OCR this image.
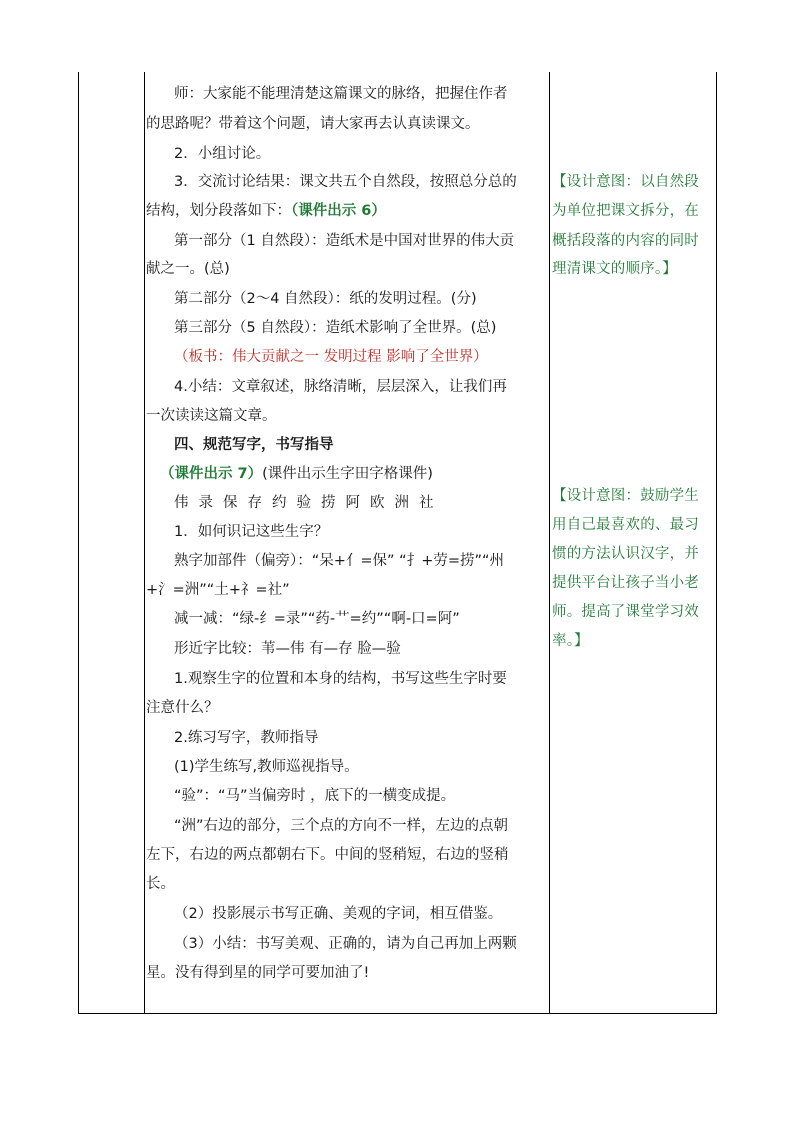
师：大家能不能理清楚这篇课文的脉络，把握住作者
的思路呢？带着这个问题，请大家再去认真读课文。
2．小组讨论。
3．交流讨论结果：课文共五个自然段，按照总分总的
结构，划分段落如下：（课件出示 6）
第一部分（1 自然段）：造纸术是中国对世界的伟大贡
献之一。(总)
第二部分（2～4 自然段）：纸的发明过程。(分)
第三部分（5 自然段）：造纸术影响了全世界。(总)
（板书：伟大贡献之一 发明过程 影响了全世界）
4.小结：文章叙述，脉络清晰，层层深入，让我们再
一次读读这篇文章。
四、规范写字，书写指导
（课件出示 7）(课件出示生字田字格课件)
伟 录 保 存 约 验 捞 阿 欧 洲 社
1．如何识记这些生字？
熟字加部件（偏旁）：“呆+亻=保” “扌+劳=捞”“州
+氵=洲”“土+礻=社”
减一减：“绿-纟=录”“药-艹=约”“啊-口=阿”
形近字比较：苇—伟 有—存 脸—验
1.观察生字的位置和本身的结构，书写这些生字时要
注意什么？
2.练习写字，教师指导
(1)学生练写,教师巡视指导。
“验”：“马”当偏旁时 ，底下的一横变成提。
“洲”右边的部分，三个点的方向不一样，左边的点朝
左下，右边的两点都朝右下。中间的竖稍短，右边的竖稍
长。
（2）投影展示书写正确、美观的字词，相互借鉴。
（3）小结：书写美观、正确的，请为自己再加上两颗
星。没有得到星的同学可要加油了!
【设计意图：以自然段
为单位把课文拆分，在
概括段落的内容的同时
理清课文的顺序。】
【设计意图：鼓励学生
用自己最喜欢的、最习
惯的方法认识汉字，并
提供平台让孩子当小老
师。提高了课堂学习效
率。】
